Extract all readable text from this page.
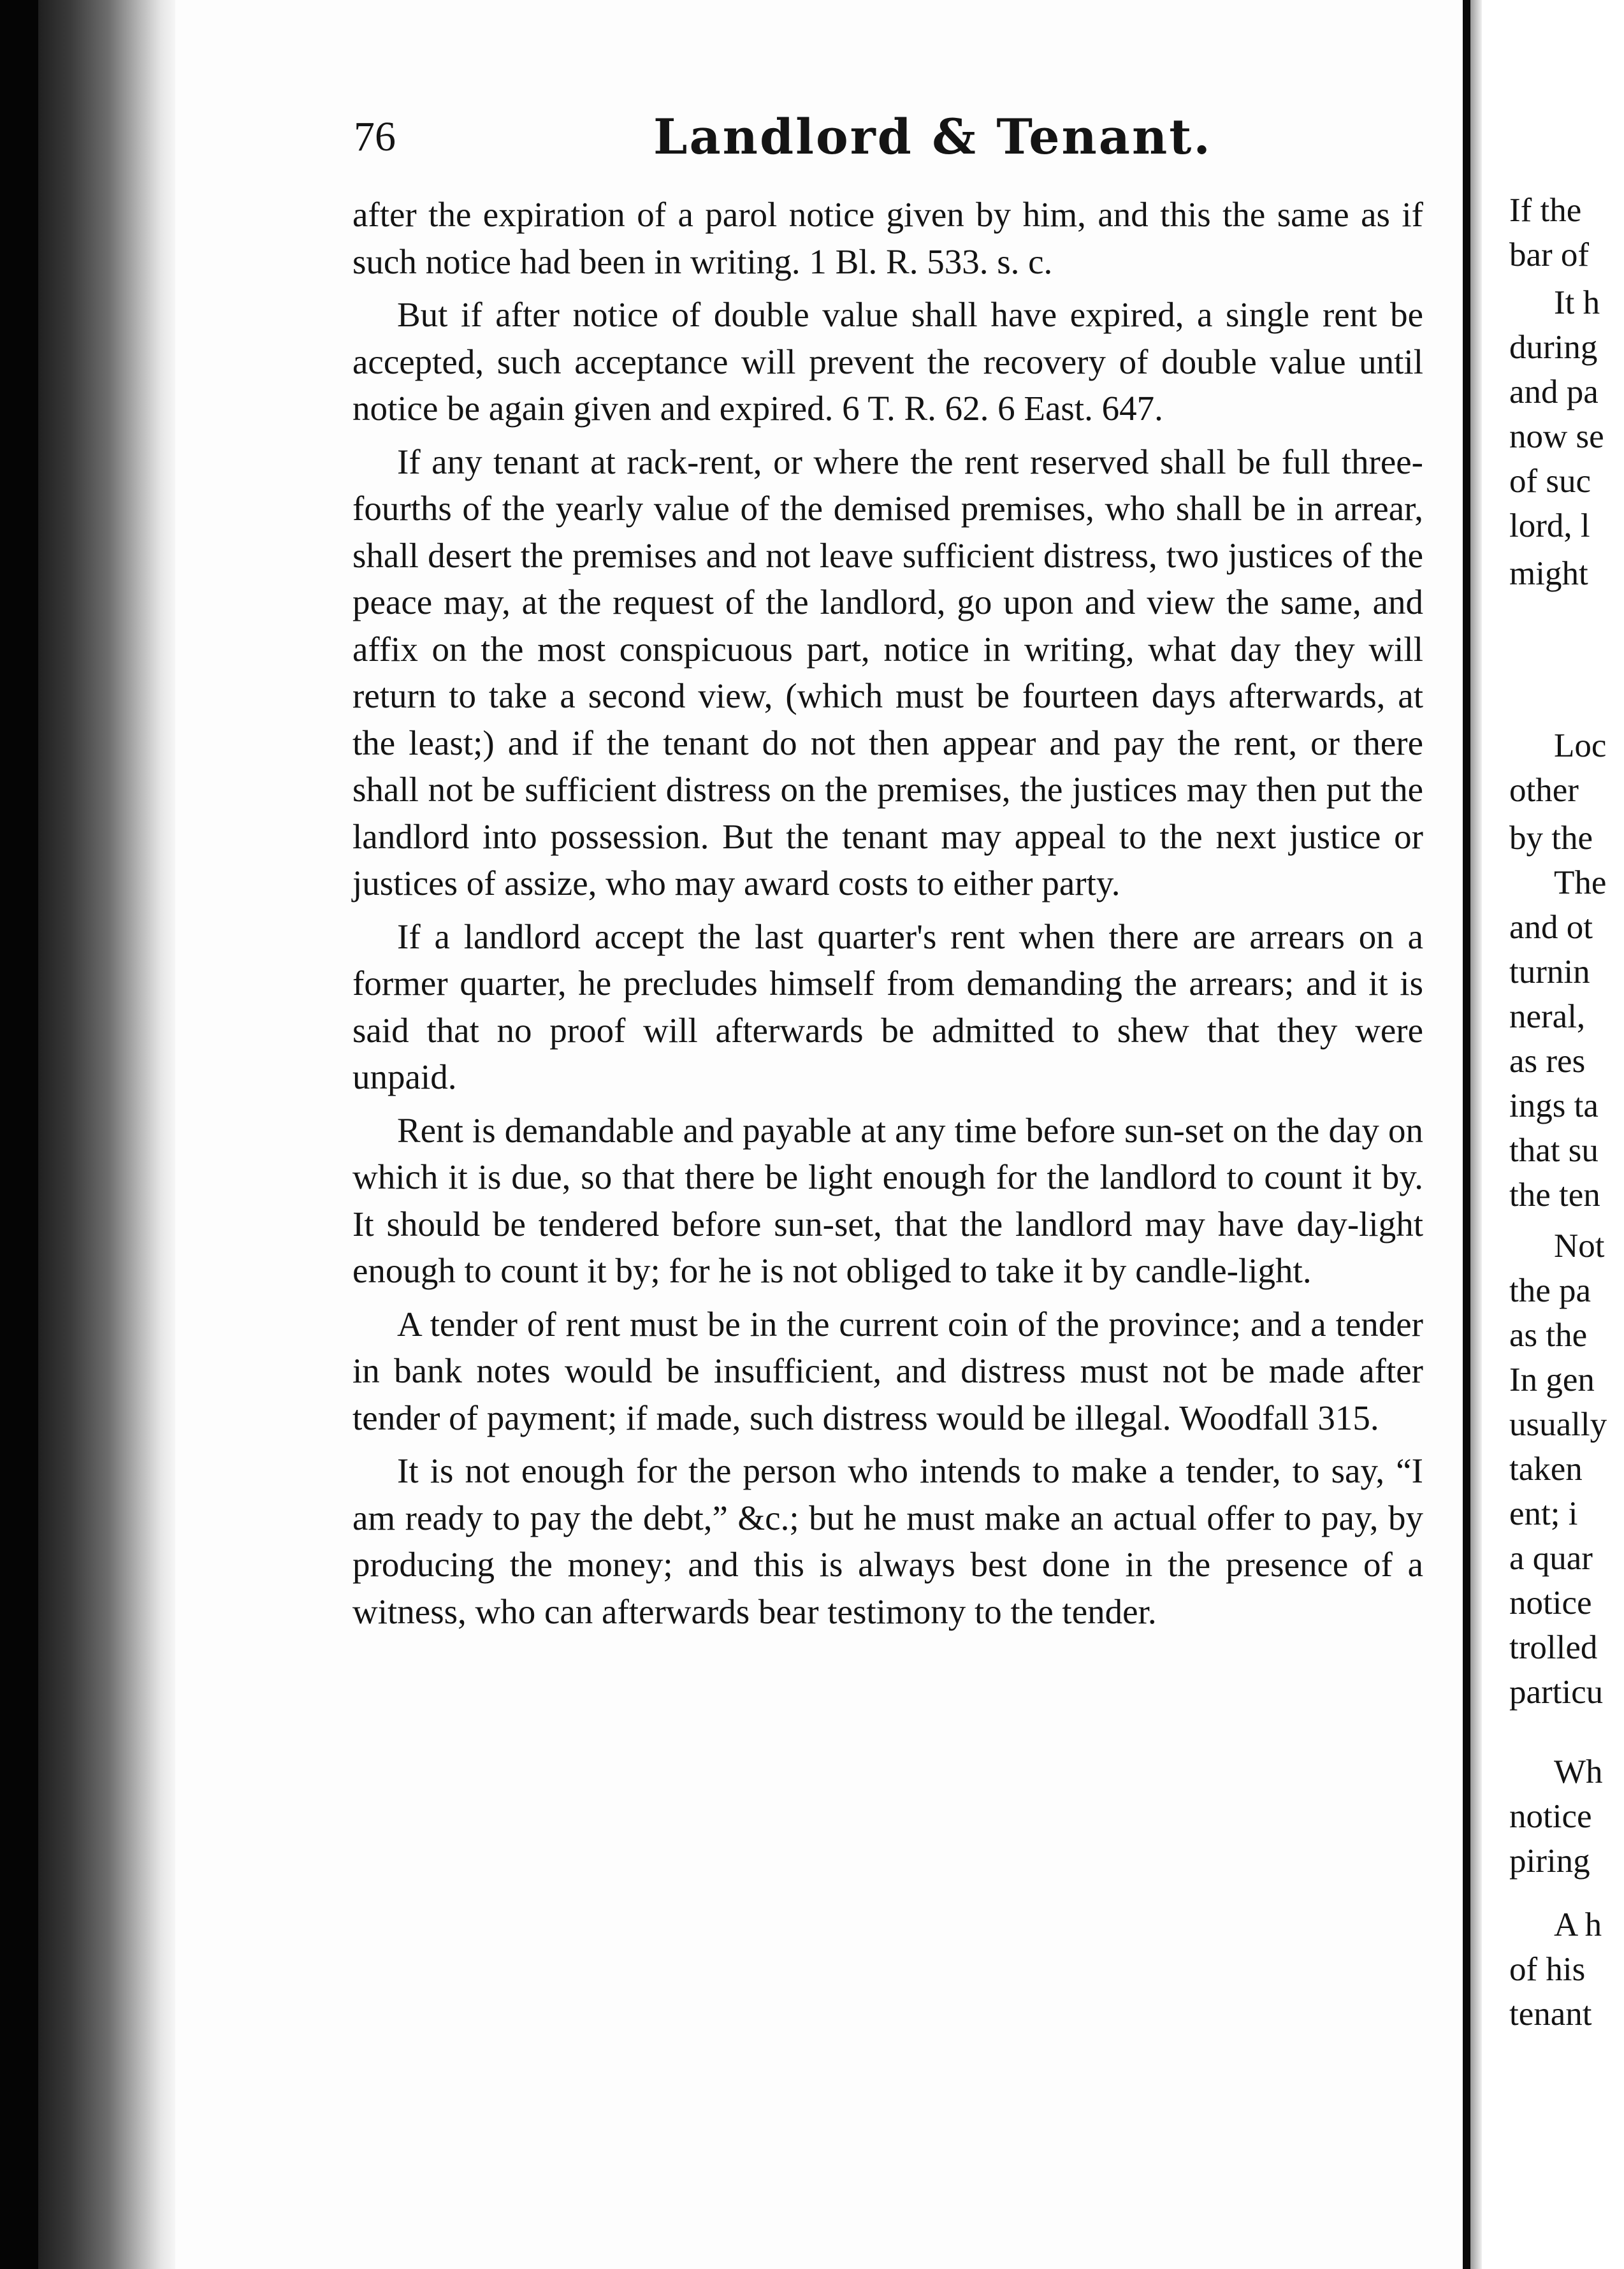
76	Landlord & Tenant.

after the expiration of a parol notice given by him, and this the same as if such notice had been in writing. 1 Bl. R. 533. s. c.

But if after notice of double value shall have expired, a single rent be accepted, such acceptance will prevent the recovery of double value until notice be again given and expired. 6 T. R. 62. 6 East. 647.

If any tenant at rack-rent, or where the rent reserved shall be full three-fourths of the yearly value of the demised premises, who shall be in arrear, shall desert the premises and not leave sufficient distress, two justices of the peace may, at the request of the landlord, go upon and view the same, and affix on the most conspicuous part, notice in writing, what day they will return to take a second view, (which must be fourteen days afterwards, at the least;) and if the tenant do not then appear and pay the rent, or there shall not be sufficient distress on the premises, the justices may then put the landlord into possession. But the tenant may appeal to the next justice or justices of assize, who may award costs to either party.

If a landlord accept the last quarter's rent when there are arrears on a former quarter, he precludes himself from demanding the arrears; and it is said that no proof will afterwards be admitted to shew that they were unpaid.

Rent is demandable and payable at any time before sun-set on the day on which it is due, so that there be light enough for the landlord to count it by. It should be tendered before sun-set, that the landlord may have day-light enough to count it by; for he is not obliged to take it by candle-light.

A tender of rent must be in the current coin of the province; and a tender in bank notes would be insufficient, and distress must not be made after tender of payment; if made, such distress would be illegal. Woodfall 315.

It is not enough for the person who intends to make a tender, to say, “I am ready to pay the debt,” &c.; but he must make an actual offer to pay, by producing the money; and this is always best done in the presence of a witness, who can afterwards bear testimony to the tender.

If the
bar of
It h
during
and pa
now se
of suc
lord, l
might
Loc
other
by the
The
and ot
turnin
neral,
as res
ings ta
that su
the ten
Not
the pa
as the
In gen
usually
taken
ent; i
a quar
notice
trolled
particu
Wh
notice
piring
A h
of his
tenant
